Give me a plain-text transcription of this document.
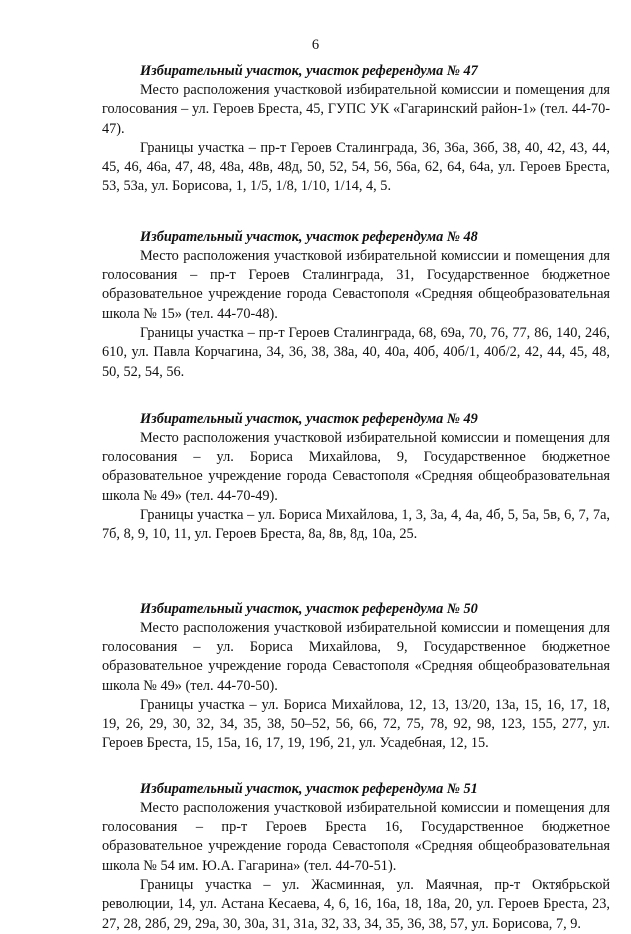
6

Избирательный участок, участок референдума № 47

Место расположения участковой избирательной комиссии и помещения для голосования – ул. Героев Бреста, 45, ГУПС УК «Гагаринский район-1» (тел. 44-70-47).

Границы участка – пр-т Героев Сталинграда, 36, 36а, 36б, 38, 40, 42, 43, 44, 45, 46, 46а, 47, 48, 48а, 48в, 48д, 50, 52, 54, 56, 56а, 62, 64, 64а, ул. Героев Бреста, 53, 53а, ул. Борисова, 1, 1/5, 1/8, 1/10, 1/14, 4, 5.

Избирательный участок, участок референдума № 48

Место расположения участковой избирательной комиссии и помещения для голосования – пр-т Героев Сталинграда, 31, Государственное бюджетное образовательное учреждение города Севастополя «Средняя общеобразовательная школа № 15» (тел. 44-70-48).

Границы участка – пр-т Героев Сталинграда, 68, 69а, 70, 76, 77, 86, 140, 246, 610, ул. Павла Корчагина, 34, 36, 38, 38а, 40, 40а, 40б, 40б/1, 40б/2, 42, 44, 45, 48, 50, 52, 54, 56.

Избирательный участок, участок референдума № 49

Место расположения участковой избирательной комиссии и помещения для голосования – ул. Бориса Михайлова, 9, Государственное бюджетное образовательное учреждение города Севастополя «Средняя общеобразовательная школа № 49» (тел. 44-70-49).

Границы участка – ул. Бориса Михайлова, 1, 3, 3а, 4, 4а, 4б, 5, 5а, 5в, 6, 7, 7а, 7б, 8, 9, 10, 11, ул. Героев Бреста, 8а, 8в, 8д, 10а, 25.

Избирательный участок, участок референдума № 50

Место расположения участковой избирательной комиссии и помещения для голосования – ул. Бориса Михайлова, 9, Государственное бюджетное образовательное учреждение города Севастополя «Средняя общеобразовательная школа № 49» (тел. 44-70-50).

Границы участка – ул. Бориса Михайлова, 12, 13, 13/20, 13а, 15, 16, 17, 18, 19, 26, 29, 30, 32, 34, 35, 38, 50–52, 56, 66, 72, 75, 78, 92, 98, 123, 155, 277, ул. Героев Бреста, 15, 15а, 16, 17, 19, 19б, 21, ул. Усадебная, 12, 15.

Избирательный участок, участок референдума № 51

Место расположения участковой избирательной комиссии и помещения для голосования – пр-т Героев Бреста 16, Государственное бюджетное образовательное учреждение города Севастополя «Средняя общеобразовательная школа № 54 им. Ю.А. Гагарина» (тел. 44-70-51).

Границы участка – ул. Жасминная, ул. Маячная, пр-т Октябрьской революции, 14, ул. Астана Кесаева, 4, 6, 16, 16а, 18, 18а, 20, ул. Героев Бреста, 23, 27, 28, 28б, 29, 29а, 30, 30а, 31, 31а, 32, 33, 34, 35, 36, 38, 57, ул. Борисова, 7, 9.
